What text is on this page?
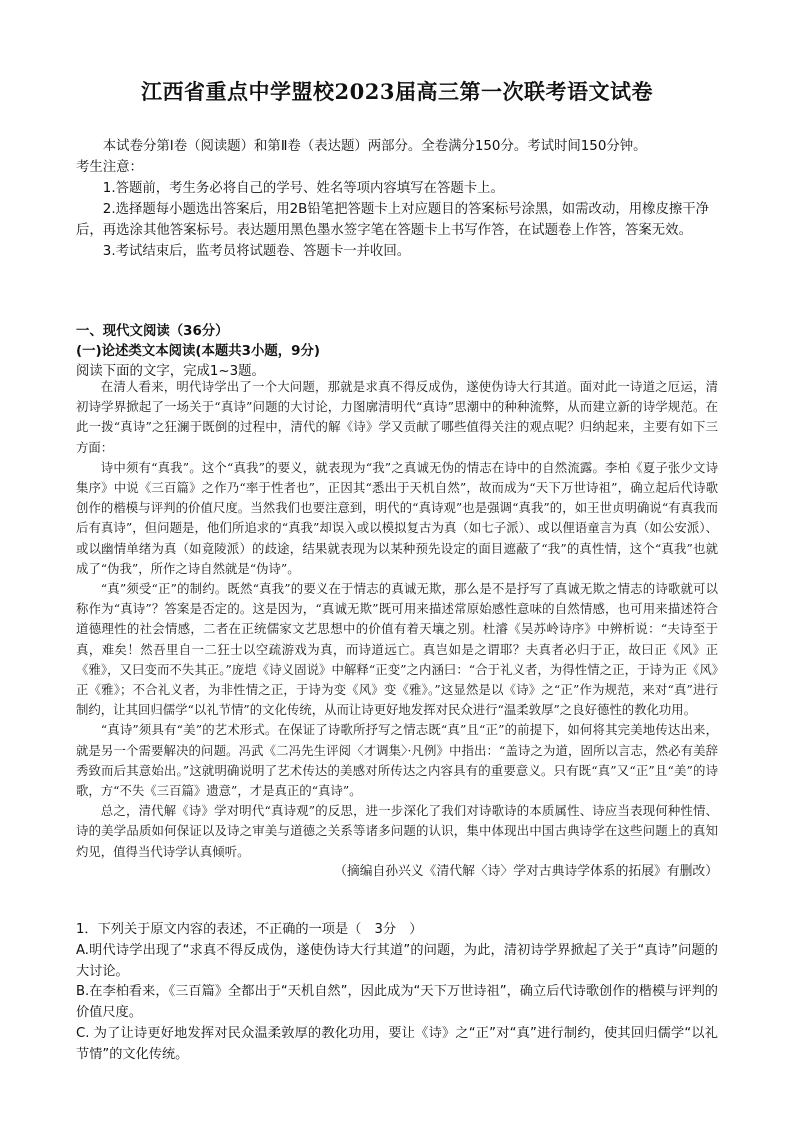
江西省重点中学盟校2023届高三第一次联考语文试卷

本试卷分第Ⅰ卷（阅读题）和第Ⅱ卷（表达题）两部分。全卷满分150分。考试时间150分钟。

考生注意：

1.答题前，考生务必将自己的学号、姓名等项内容填写在答题卡上。

2.选择题每小题选出答案后，用2B铅笔把答题卡上对应题目的答案标号涂黑，如需改动，用橡皮擦干净后，再选涂其他答案标号。表达题用黑色墨水签字笔在答题卡上书写作答，在试题卷上作答，答案无效。

3.考试结束后，监考员将试题卷、答题卡一并收回。

一、现代文阅读（36分）

(一)论述类文本阅读(本题共3小题，9分)

阅读下面的文字，完成1~3题。

在清人看来，明代诗学出了一个大问题，那就是求真不得反成伪，遂使伪诗大行其道。面对此一诗道之厄运，清初诗学界掀起了一场关于“真诗”问题的大讨论，力图廓清明代“真诗”思潮中的种种流弊，从而建立新的诗学规范。在此一拨“真诗”之狂澜于既倒的过程中，清代的解《诗》学又贡献了哪些值得关注的观点呢？归纳起来，主要有如下三方面：

诗中须有“真我”。这个“真我”的要义，就表现为“我”之真诚无伪的情志在诗中的自然流露。李柏《夏子张少文诗集序》中说《三百篇》之作乃“率于性者也”，正因其“悉出于天机自然”，故而成为“天下万世诗祖”，确立起后代诗歌创作的楷模与评判的价值尺度。当然我们也要注意到，明代的“真诗观”也是强调“真我”的，如王世贞明确说“有真我而后有真诗”，但问题是，他们所追求的“真我”却误入或以模拟复古为真（如七子派）、或以俚语童言为真（如公安派）、或以幽情单绪为真（如竟陵派）的歧途，结果就表现为以某种预先设定的面目遮蔽了“我”的真性情，这个“真我”也就成了“伪我”，所作之诗自然就是“伪诗”。

“真”须受“正”的制约。既然“真我”的要义在于情志的真诚无欺，那么是不是抒写了真诚无欺之情志的诗歌就可以称作为“真诗”？答案是否定的。这是因为，“真诚无欺”既可用来描述常原始感性意味的自然情感，也可用来描述符合道德理性的社会情感，二者在正统儒家文艺思想中的价值有着天壤之别。杜濬《吴苏岭诗序》中辨析说：“夫诗至于真，难矣！然吾里自一二狂士以空疏游戏为真，而诗道远亡。真岂如是之谓耶？夫真者必归于正，故曰正《风》正《雅》，又曰变而不失其正。”庞垲《诗义固说》中解释“正变”之内涵曰：“合于礼义者，为得性情之正，于诗为正《风》正《雅》；不合礼义者，为非性情之正，于诗为变《风》变《雅》。”这显然是以《诗》之“正”作为规范，来对“真”进行制约，让其回归儒学“以礼节情”的文化传统，从而让诗更好地发挥对民众进行“温柔敦厚”之良好德性的教化功用。

“真诗”须具有“美”的艺术形式。在保证了诗歌所抒写之情志既“真”且“正”的前提下，如何将其完美地传达出来，就是另一个需要解决的问题。冯武《二冯先生评阅〈才调集〉·凡例》中指出：“盖诗之为道，固所以言志，然必有美辞秀致而后其意始出。”这就明确说明了艺术传达的美感对所传达之内容具有的重要意义。只有既“真”又“正”且“美”的诗歌，方“不失《三百篇》遗意”，才是真正的“真诗”。

总之，清代解《诗》学对明代“真诗观”的反思，进一步深化了我们对诗歌诗的本质属性、诗应当表现何种性情、诗的美学品质如何保证以及诗之审美与道德之关系等诸多问题的认识，集中体现出中国古典诗学在这些问题上的真知灼见，值得当代诗学认真倾听。

（摘编自孙兴义《清代解〈诗〉学对古典诗学体系的拓展》有删改）

1．下列关于原文内容的表述，不正确的一项是（　3分　）

A.明代诗学出现了“求真不得反成伪，遂使伪诗大行其道”的问题，为此，清初诗学界掀起了关于“真诗”问题的大讨论。

B.在李柏看来，《三百篇》全都出于“天机自然”，因此成为“天下万世诗祖”，确立后代诗歌创作的楷模与评判的价值尺度。

C. 为了让诗更好地发挥对民众温柔敦厚的教化功用，要让《诗》之“正”对“真”进行制约，使其回归儒学“以礼节情”的文化传统。
